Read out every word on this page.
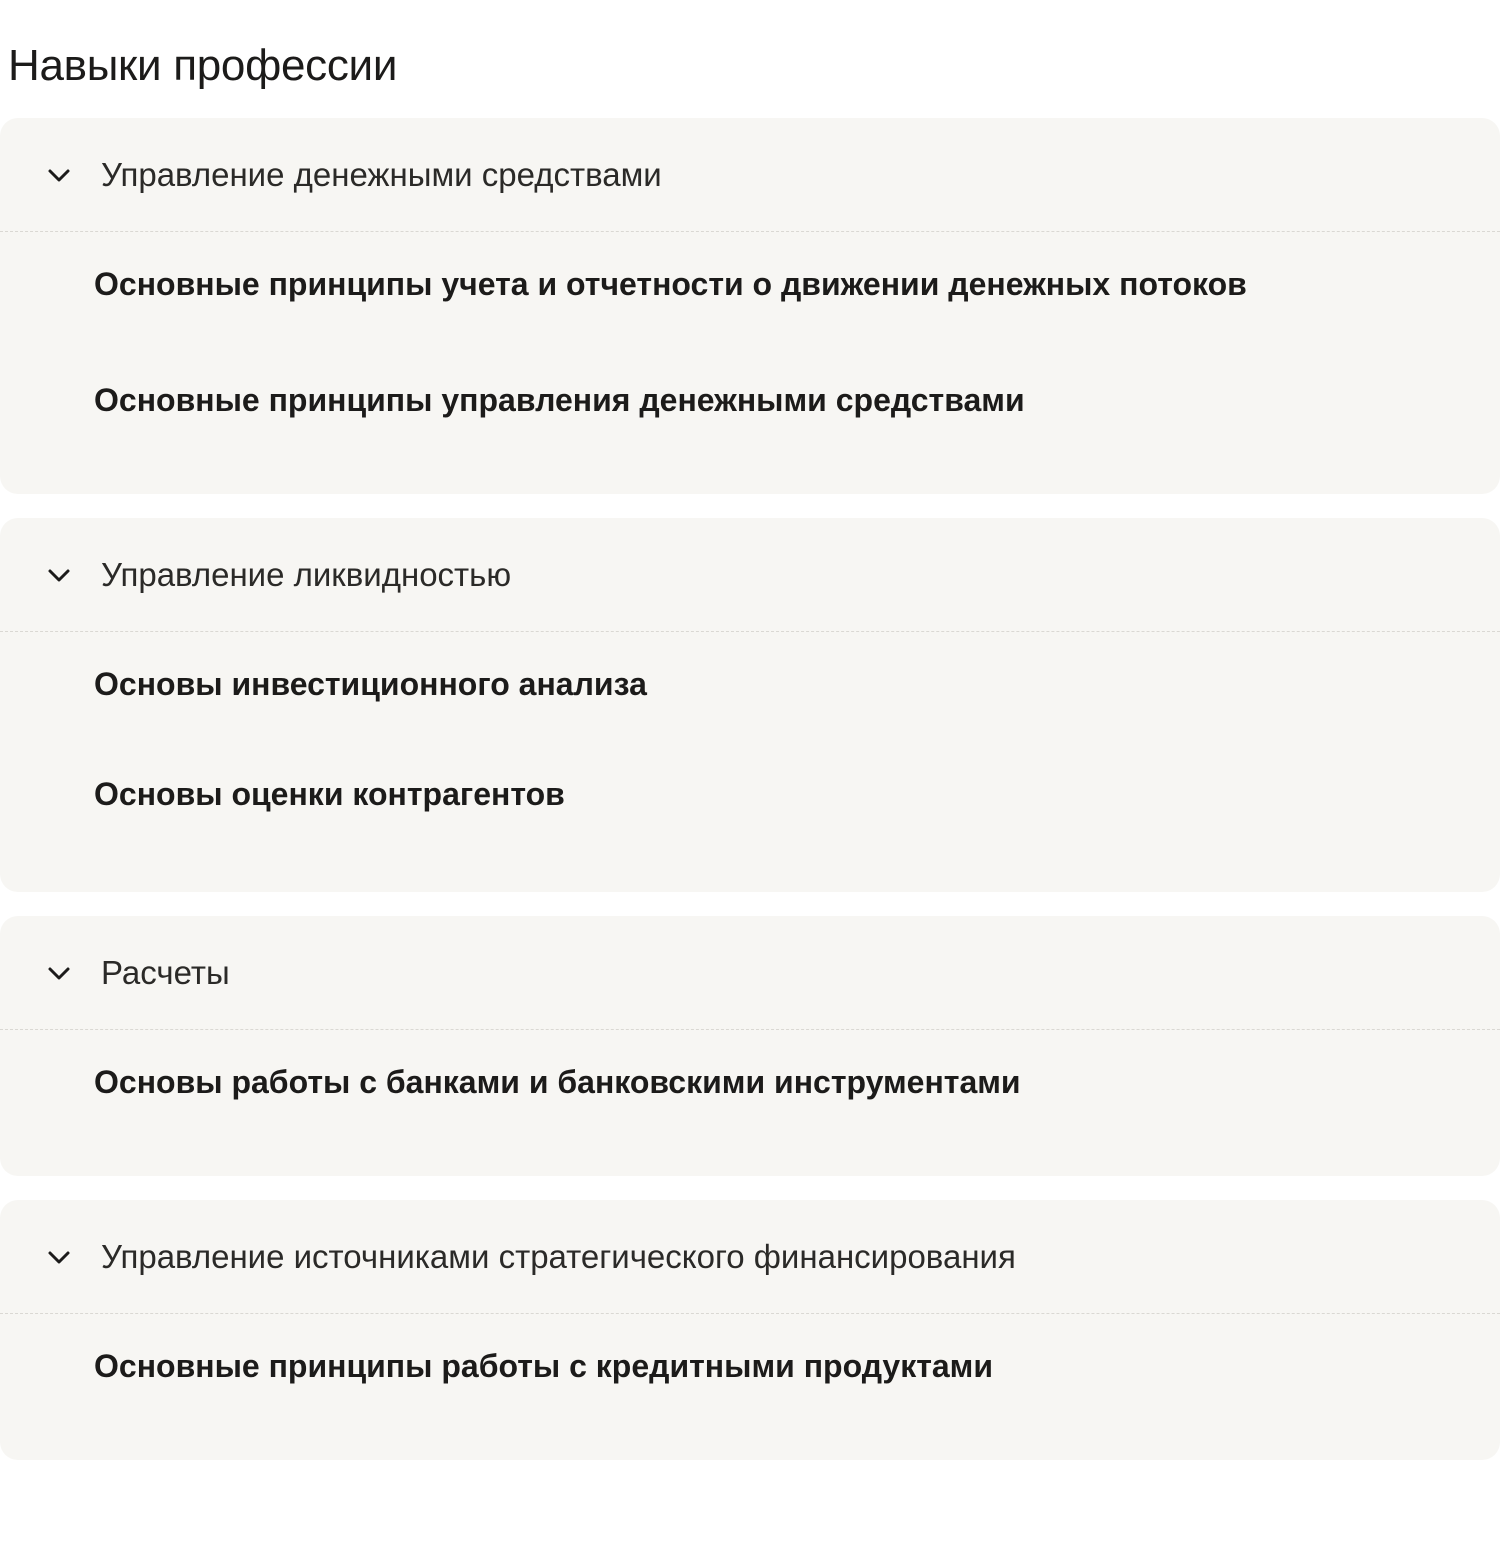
Навыки профессии
Управление денежными средствами
Основные принципы учета и отчетности о движении денежных потоков
Основные принципы управления денежными средствами
Управление ликвидностью
Основы инвестиционного анализа
Основы оценки контрагентов
Расчеты
Основы работы с банками и банковскими инструментами
Управление источниками стратегического финансирования
Основные принципы работы с кредитными продуктами
